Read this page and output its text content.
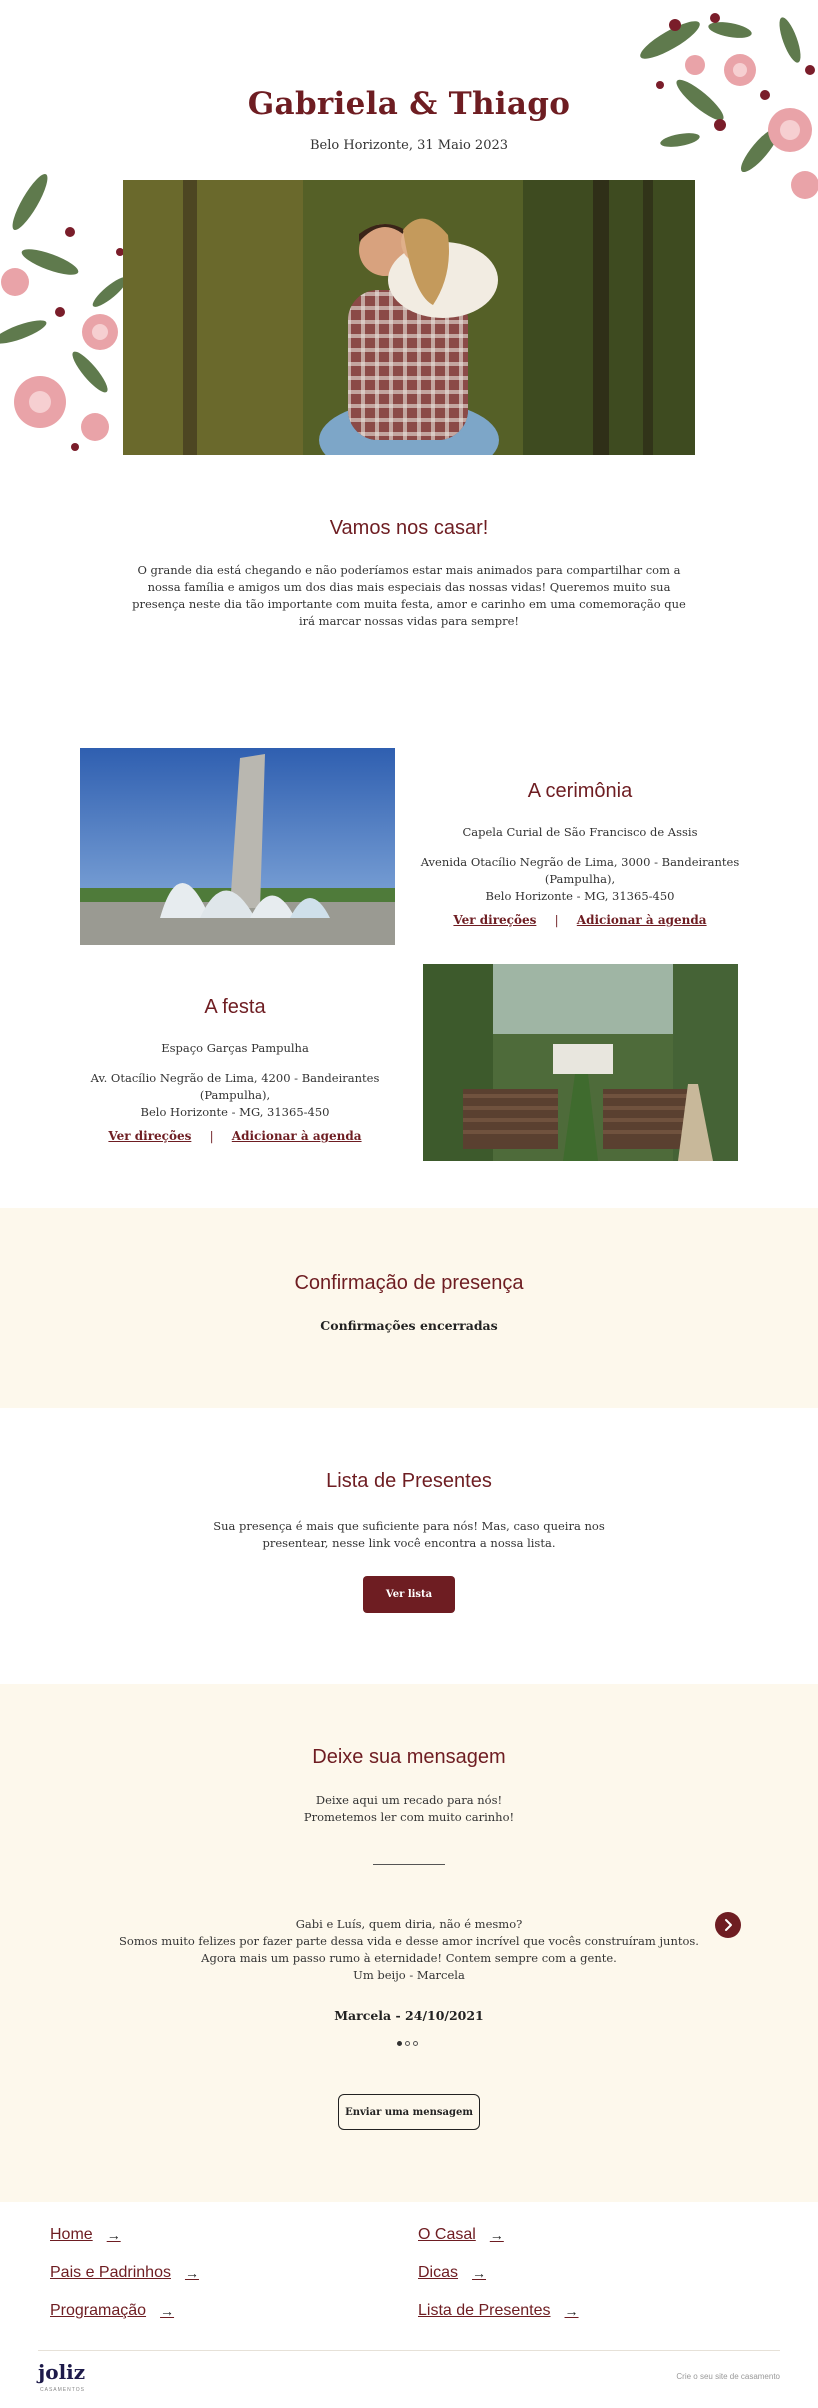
Gabriela & Thiago

Belo Horizonte, 31 Maio 2023

Vamos nos casar!

O grande dia está chegando e não poderíamos estar mais animados para compartilhar com a nossa família e amigos um dos dias mais especiais das nossas vidas! Queremos muito sua presença neste dia tão importante com muita festa, amor e carinho em uma comemoração que irá marcar nossas vidas para sempre!

A cerimônia

Capela Curial de São Francisco de Assis

Avenida Otacílio Negrão de Lima, 3000 - Bandeirantes (Pampulha),
Belo Horizonte - MG, 31365-450

Ver direções | Adicionar à agenda
A festa

Espaço Garças Pampulha

Av. Otacílio Negrão de Lima, 4200 - Bandeirantes (Pampulha),
Belo Horizonte - MG, 31365-450

Ver direções | Adicionar à agenda
Confirmação de presença

Confirmações encerradas

Lista de Presentes

Sua presença é mais que suficiente para nós! Mas, caso queira nos presentear, nesse link você encontra a nossa lista.

Ver lista
Deixe sua mensagem

Deixe aqui um recado para nós!
Prometemos ler com muito carinho!

Gabi e Luís, quem diria, não é mesmo?
Somos muito felizes por fazer parte dessa vida e desse amor incrível que vocês construíram juntos. Agora mais um passo rumo à eternidade! Contem sempre com a gente.
Um beijo - Marcela

Marcela - 24/10/2021

Enviar uma mensagem
Home →	O Casal →
Pais e Padrinhos →	Dicas →
Programação →	Lista de Presentes →
joliz
CASAMENTOS
Crie o seu site de casamento
